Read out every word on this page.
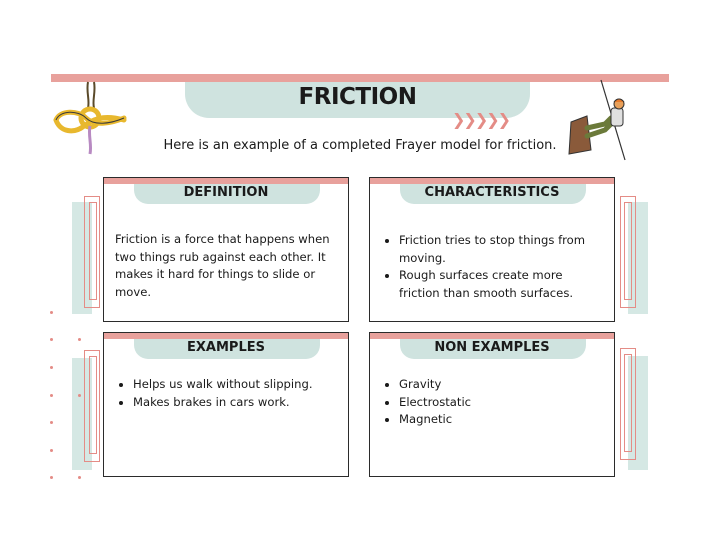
FRICTION
❯❯❯❯❯
Here is an example of a completed Frayer model for friction.
DEFINITION
Friction is a force that happens when two things rub against each other. It makes it hard for things to slide or move.
CHARACTERISTICS
• Friction tries to stop things from moving.
• Rough surfaces create more friction than smooth surfaces.
EXAMPLES
• Helps us walk without slipping.
• Makes brakes in cars work.
NON EXAMPLES
• Gravity
• Electrostatic
• Magnetic
